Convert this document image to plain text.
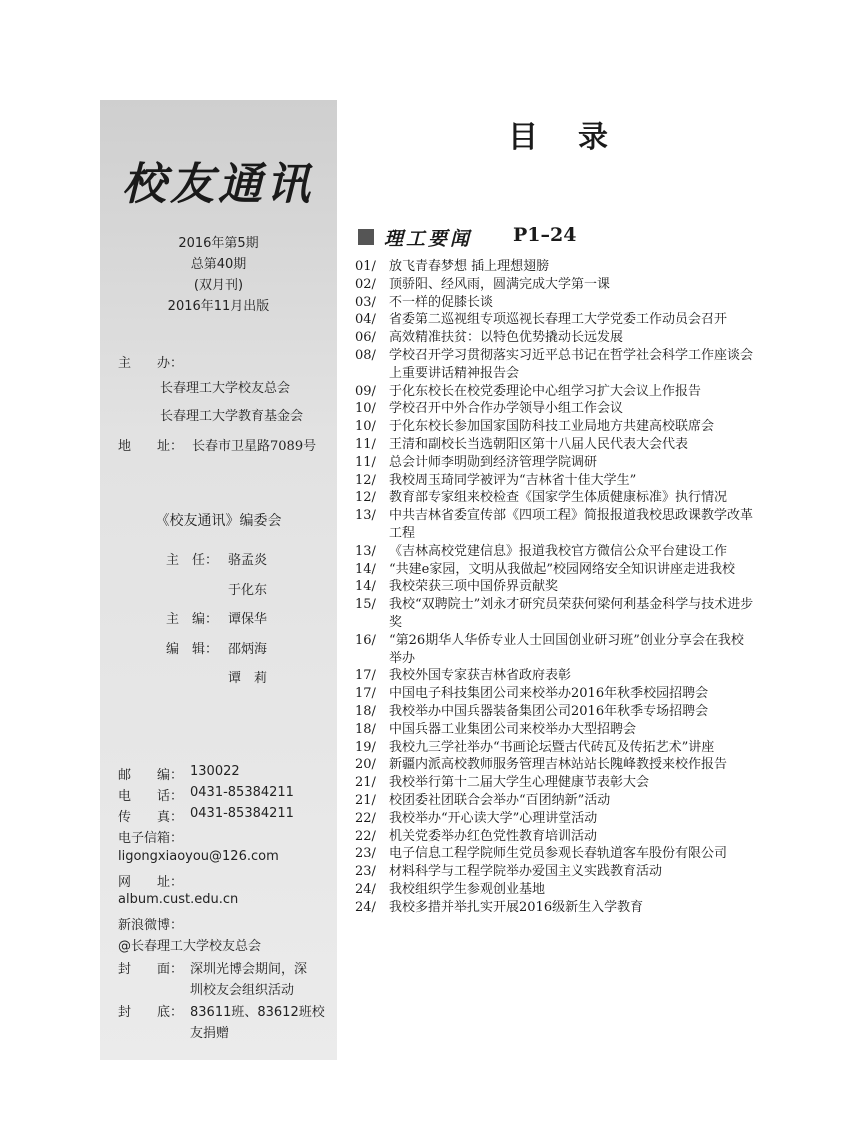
校友通讯
2016年第5期
总第40期
(双月刊)
2016年11月出版
主　　办：
长春理工大学校友总会
长春理工大学教育基金会
地　　址： 长春市卫星路7089号
《校友通讯》编委会
主　任： 骆孟炎
于化东
主　编： 谭保华
编　辑： 邵炳海
谭　莉
邮　　编： 130022
电　　话： 0431-85384211
传　　真： 0431-85384211
电子信箱：
ligongxiaoyou@126.com
网　　址：
album.cust.edu.cn
新浪微博：
@长春理工大学校友总会
封　　面： 深圳光博会期间，深
圳校友会组织活动
封　　底： 83611班、83612班校
友捐赠
目录
理工要闻 P1–24
01/	放飞青春梦想 插上理想翅膀
02/	顶骄阳、经风雨，圆满完成大学第一课
03/	不一样的促膝长谈
04/	省委第二巡视组专项巡视长春理工大学党委工作动员会召开
06/	高效精准扶贫：以特色优势撬动长远发展
08/	学校召开学习贯彻落实习近平总书记在哲学社会科学工作座谈会上重要讲话精神报告会
09/	于化东校长在校党委理论中心组学习扩大会议上作报告
10/	学校召开中外合作办学领导小组工作会议
10/	于化东校长参加国家国防科技工业局地方共建高校联席会
11/	王清和副校长当选朝阳区第十八届人民代表大会代表
11/	总会计师李明勋到经济管理学院调研
12/	我校周玉琦同学被评为“吉林省十佳大学生”
12/	教育部专家组来校检查《国家学生体质健康标准》执行情况
13/	中共吉林省委宣传部《四项工程》简报报道我校思政课教学改革工程
13/	《吉林高校党建信息》报道我校官方微信公众平台建设工作
14/	“共建e家园，文明从我做起”校园网络安全知识讲座走进我校
14/	我校荣获三项中国侨界贡献奖
15/	我校“双聘院士”刘永才研究员荣获何梁何利基金科学与技术进步奖
16/	“第26期华人华侨专业人士回国创业研习班”创业分享会在我校举办
17/	我校外国专家获吉林省政府表彰
17/	中国电子科技集团公司来校举办2016年秋季校园招聘会
18/	我校举办中国兵器装备集团公司2016年秋季专场招聘会
18/	中国兵器工业集团公司来校举办大型招聘会
19/	我校九三学社举办“书画论坛暨古代砖瓦及传拓艺术”讲座
20/	新疆内派高校教师服务管理吉林站站长隗峰教授来校作报告
21/	我校举行第十二届大学生心理健康节表彰大会
21/	校团委社团联合会举办“百团纳新”活动
22/	我校举办“开心读大学”心理讲堂活动
22/	机关党委举办红色党性教育培训活动
23/	电子信息工程学院师生党员参观长春轨道客车股份有限公司
23/	材料科学与工程学院举办爱国主义实践教育活动
24/	我校组织学生参观创业基地
24/	我校多措并举扎实开展2016级新生入学教育
